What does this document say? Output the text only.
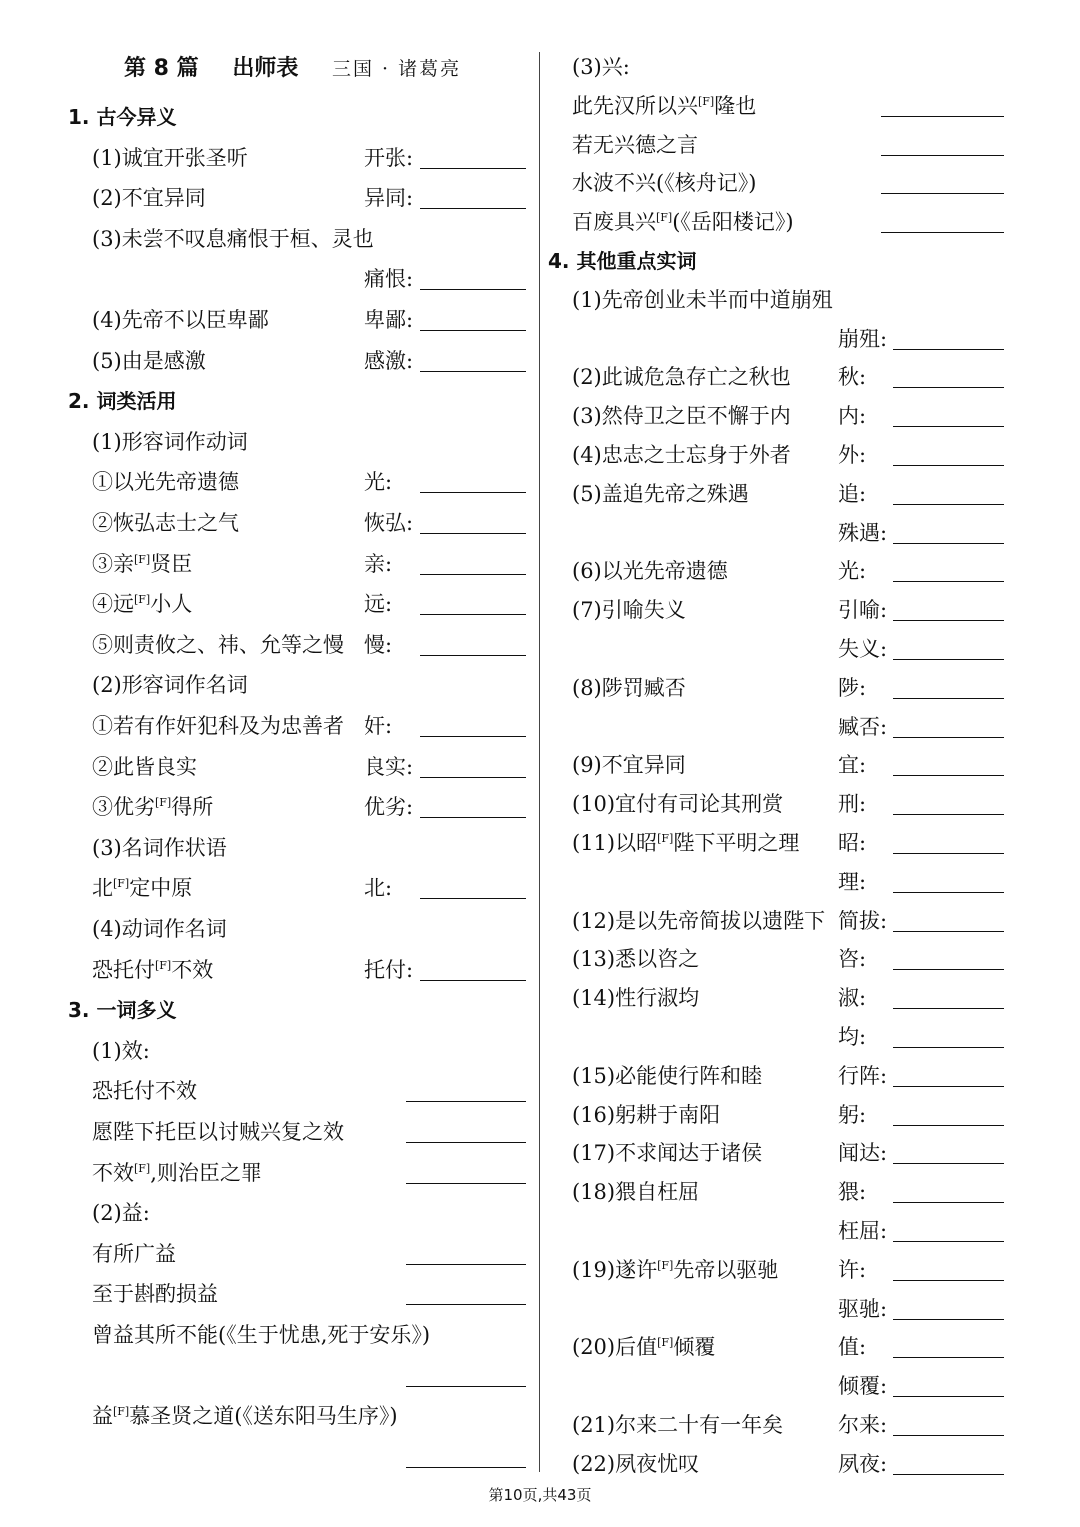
第 8 篇 出师表 三国 · 诸葛亮
1. 古今异义
(1)诚宜开张圣听	开张:
(2)不宜异同	异同:
(3)未尝不叹息痛恨于桓、灵也
痛恨:
(4)先帝不以臣卑鄙	卑鄙:
(5)由是感激	感激:
2. 词类活用
(1)形容词作动词
①以光先帝遗德	光:
②恢弘志士之气	恢弘:
③亲[F]贤臣	亲:
④远[F]小人	远:
⑤则责攸之、祎、允等之慢 慢:
(2)形容词作名词
①若有作奸犯科及为忠善者 奸:
②此皆良实	良实:
③优劣[F]得所	优劣:
(3)名词作状语
北[F]定中原	北:
(4)动词作名词
恐托付[F]不效	托付:
3. 一词多义
(1)效:
恐托付不效
愿陛下托臣以讨贼兴复之效
不效[F],则治臣之罪
(2)益:
有所广益
至于斟酌损益
曾益其所不能(《生于忧患,死于安乐》)
益[F]慕圣贤之道(《送东阳马生序》)
(3)兴:
此先汉所以兴[F]隆也
若无兴德之言
水波不兴(《核舟记》)
百废具兴[F](《岳阳楼记》)
4. 其他重点实词
(1)先帝创业未半而中道崩殂
崩殂:
(2)此诚危急存亡之秋也 秋:
(3)然侍卫之臣不懈于内 内:
(4)忠志之士忘身于外者 外:
(5)盖追先帝之殊遇	追:
殊遇:
(6)以光先帝遗德	光:
(7)引喻失义	引喻:
失义:
(8)陟罚臧否	陟:
臧否:
(9)不宜异同	宜:
(10)宜付有司论其刑赏	刑:
(11)以昭[F]陛下平明之理 昭:
理:
(12)是以先帝简拔以遗陛下 简拔:
(13)悉以咨之	咨:
(14)性行淑均	淑:
均:
(15)必能使行阵和睦	行阵:
(16)躬耕于南阳	躬:
(17)不求闻达于诸侯	闻达:
(18)猥自枉屈	猥:
枉屈:
(19)遂许[F]先帝以驱驰	许:
驱驰:
(20)后值[F]倾覆	值:
倾覆:
(21)尔来二十有一年矣	尔来:
(22)夙夜忧叹	夙夜:
第10页,共43页
